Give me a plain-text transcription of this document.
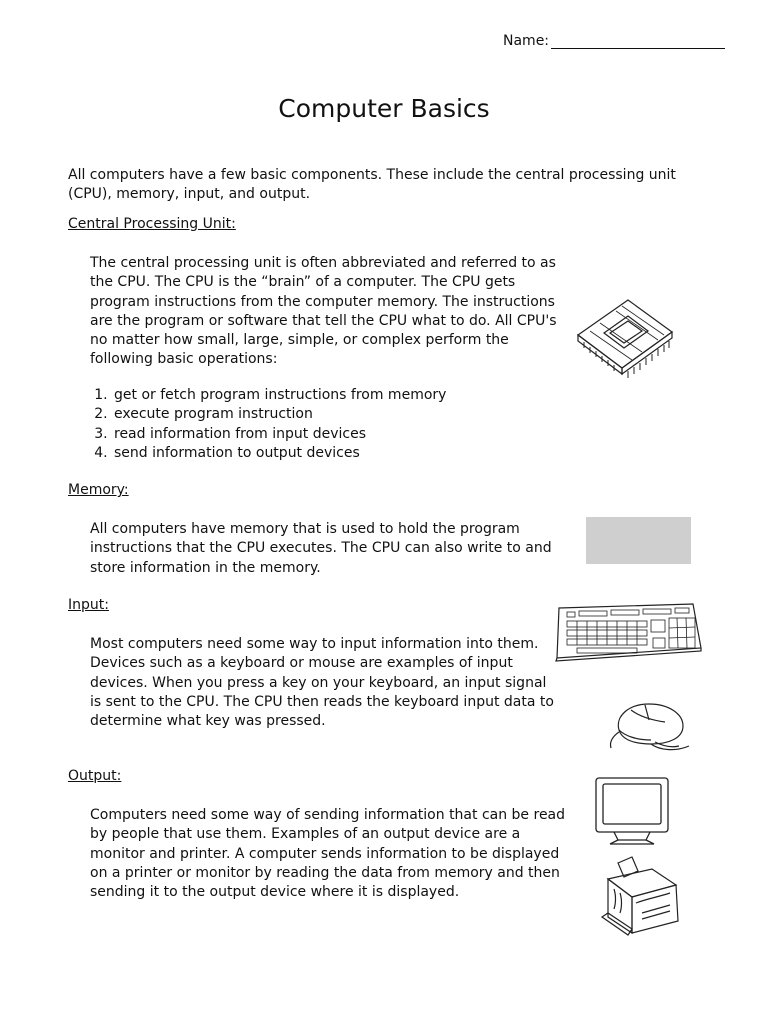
Name:
Computer Basics

All computers have a few basic components. These include the central processing unit (CPU), memory, input, and output.

Central Processing Unit:

The central processing unit is often abbreviated and referred to as the CPU. The CPU is the “brain” of a computer. The CPU gets program instructions from the computer memory. The instructions are the program or software that tell the CPU what to do. All CPU's no matter how small, large, simple, or complex perform the following basic operations:

1. get or fetch program instructions from memory
2. execute program instruction
3. read information from input devices
4. send information to output devices

Memory:

All computers have memory that is used to hold the program instructions that the CPU executes. The CPU can also write to and store information in the memory.

Input:

Most computers need some way to input information into them. Devices such as a keyboard or mouse are examples of input devices. When you press a key on your keyboard, an input signal is sent to the CPU. The CPU then reads the keyboard input data to determine what key was pressed.

Output:

Computers need some way of sending information that can be read by people that use them. Examples of an output device are a monitor and printer. A computer sends information to be displayed on a printer or monitor by reading the data from memory and then sending it to the output device where it is displayed.
